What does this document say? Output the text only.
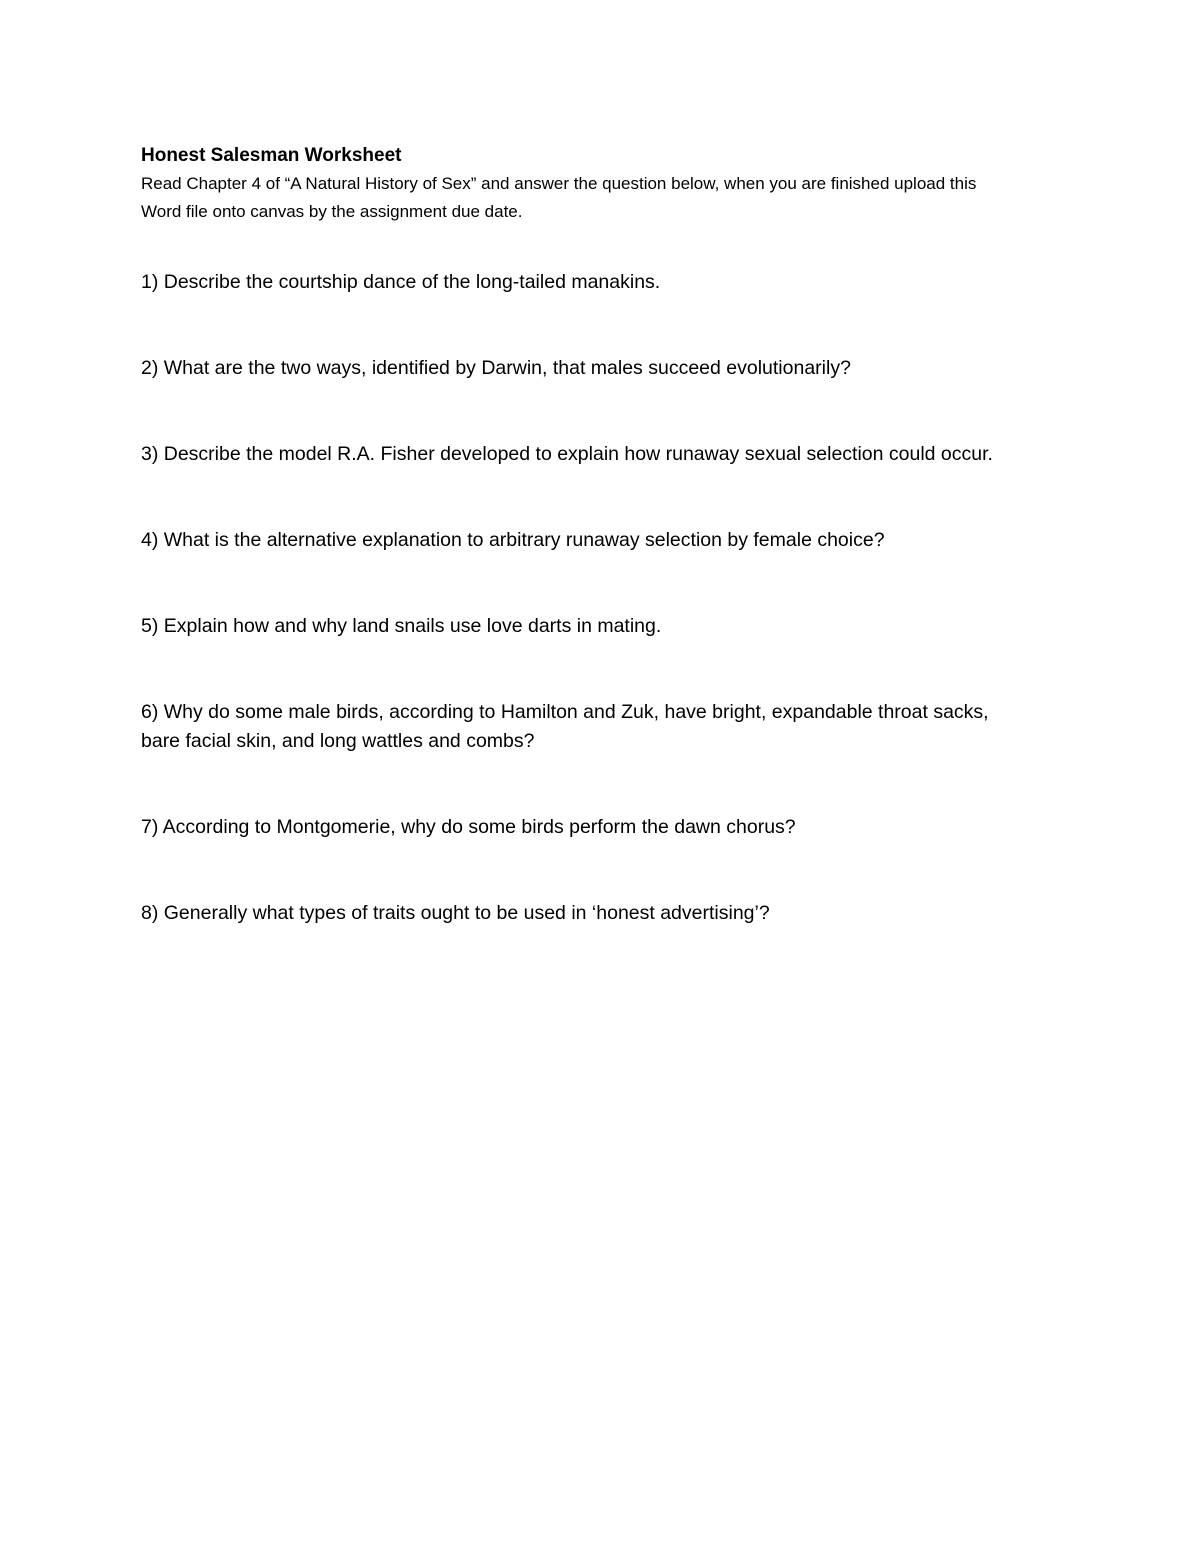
Honest Salesman Worksheet

Read Chapter 4 of “A Natural History of Sex” and answer the question below, when you are finished upload this Word file onto canvas by the assignment due date.

1) Describe the courtship dance of the long-tailed manakins.
2) What are the two ways, identified by Darwin, that males succeed evolutionarily?
3) Describe the model R.A. Fisher developed to explain how runaway sexual selection could occur.
4) What is the alternative explanation to arbitrary runaway selection by female choice?
5) Explain how and why land snails use love darts in mating.
6) Why do some male birds, according to Hamilton and Zuk, have bright, expandable throat sacks, bare facial skin, and long wattles and combs?
7) According to Montgomerie, why do some birds perform the dawn chorus?
8) Generally what types of traits ought to be used in ‘honest advertising’?
